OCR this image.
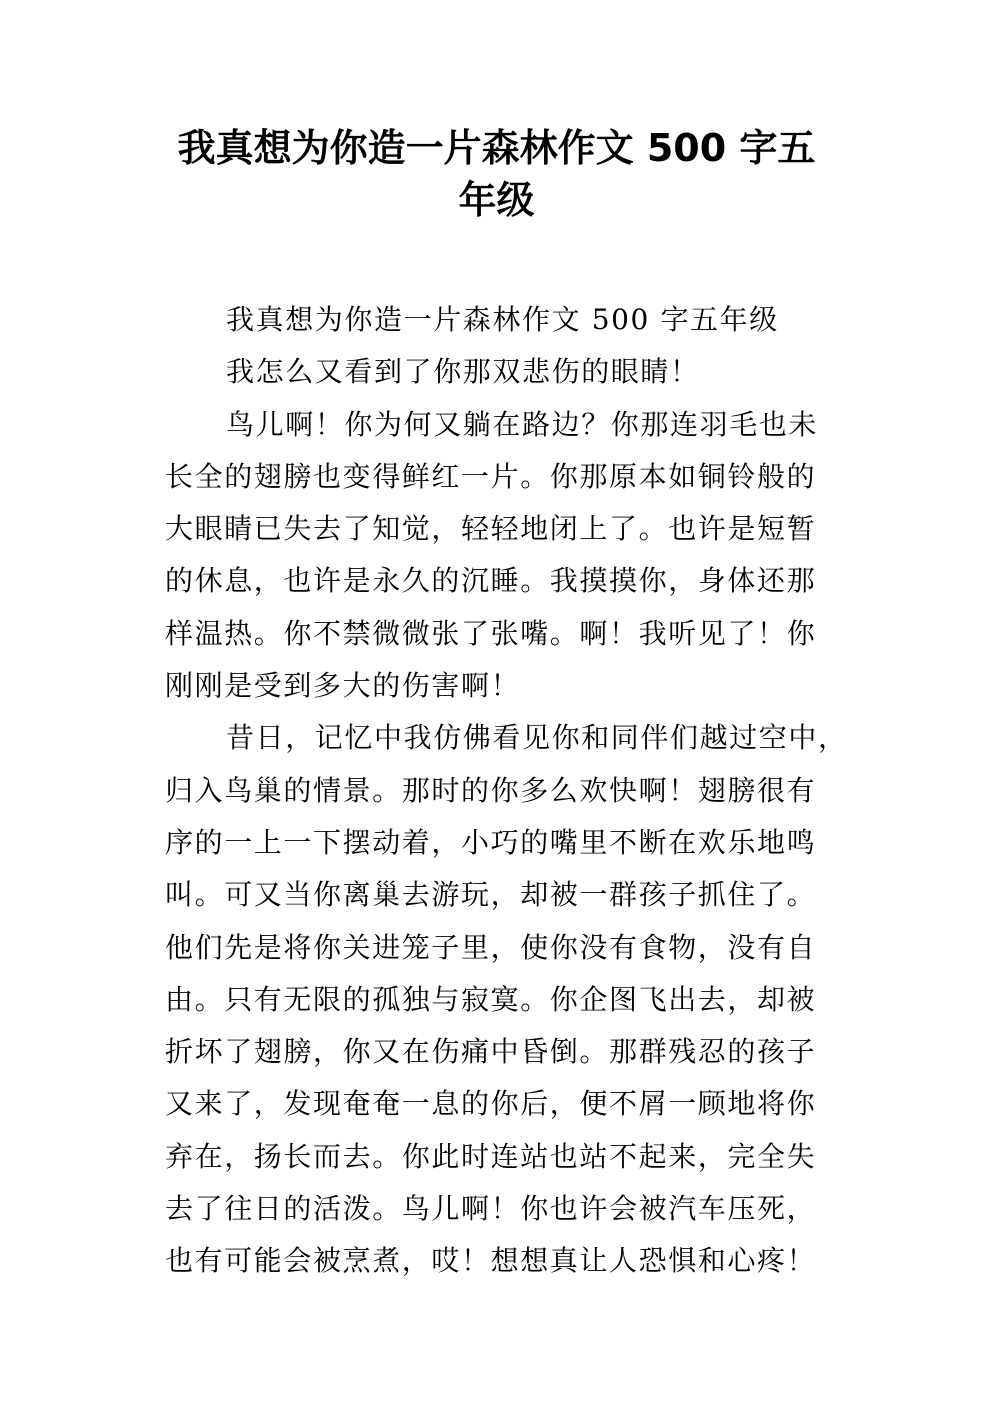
我真想为你造一片森林作文 500 字五
年级

我真想为你造一片森林作文 500 字五年级

我怎么又看到了你那双悲伤的眼睛！

鸟儿啊！你为何又躺在路边？你那连羽毛也未
长全的翅膀也变得鲜红一片。你那原本如铜铃般的
大眼睛已失去了知觉，轻轻地闭上了。也许是短暂
的休息，也许是永久的沉睡。我摸摸你，身体还那
样温热。你不禁微微张了张嘴。啊！我听见了！你
刚刚是受到多大的伤害啊！

昔日，记忆中我仿佛看见你和同伴们越过空中，
归入鸟巢的情景。那时的你多么欢快啊！翅膀很有
序的一上一下摆动着，小巧的嘴里不断在欢乐地鸣
叫。可又当你离巢去游玩，却被一群孩子抓住了。
他们先是将你关进笼子里，使你没有食物，没有自
由。只有无限的孤独与寂寞。你企图飞出去，却被
折坏了翅膀，你又在伤痛中昏倒。那群残忍的孩子
又来了，发现奄奄一息的你后，便不屑一顾地将你
弃在，扬长而去。你此时连站也站不起来，完全失
去了往日的活泼。鸟儿啊！你也许会被汽车压死，
也有可能会被烹煮，哎！想想真让人恐惧和心疼！
